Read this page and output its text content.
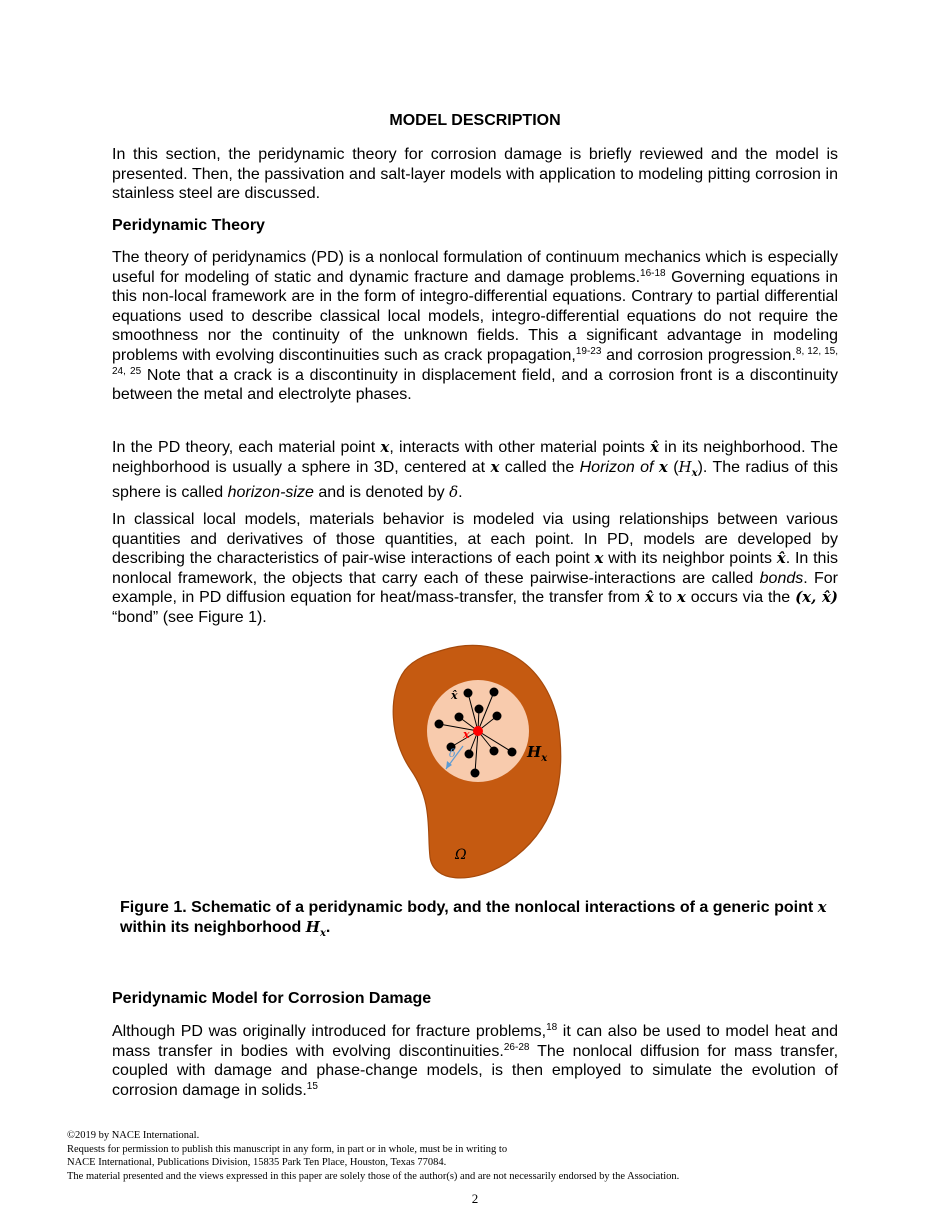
MODEL DESCRIPTION

In this section, the peridynamic theory for corrosion damage is briefly reviewed and the model is presented. Then, the passivation and salt-layer models with application to modeling pitting corrosion in stainless steel are discussed.

Peridynamic Theory

The theory of peridynamics (PD) is a nonlocal formulation of continuum mechanics which is especially useful for modeling of static and dynamic fracture and damage problems.$^{16-18}$ Governing equations in this non-local framework are in the form of integro-differential equations. Contrary to partial differential equations used to describe classical local models, integro-differential equations do not require the smoothness nor the continuity of the unknown fields. This a significant advantage in modeling problems with evolving discontinuities such as crack propagation,$^{19-23}$ and corrosion progression.$^{8, 12, 15, 24, 25}$ Note that a crack is a discontinuity in displacement field, and a corrosion front is a discontinuity between the metal and electrolyte phases.

In the PD theory, each material point x, interacts with other material points x̂ in its neighborhood. The neighborhood is usually a sphere in 3D, centered at x called the Horizon of x $(H_x)$. The radius of this sphere is called horizon-size and is denoted by δ.

In classical local models, materials behavior is modeled via using relationships between various quantities and derivatives of those quantities, at each point. In PD, models are developed by describing the characteristics of pair-wise interactions of each point x with its neighbor points x̂. In this nonlocal framework, the objects that carry each of these pairwise-interactions are called bonds. For example, in PD diffusion equation for heat/mass-transfer, the transfer from x̂ to x occurs via the (x, x̂) “bond” (see Figure 1).

x̂
x
δ	$H_x$
Ω

Figure 1. Schematic of a peridynamic body, and the nonlocal interactions of a generic point x within its neighborhood $H_x$.

Peridynamic Model for Corrosion Damage

Although PD was originally introduced for fracture problems,$^{18}$ it can also be used to model heat and mass transfer in bodies with evolving discontinuities.$^{26-28}$ The nonlocal diffusion for mass transfer, coupled with damage and phase-change models, is then employed to simulate the evolution of corrosion damage in solids.$^{15}$

©2019 by NACE International.
Requests for permission to publish this manuscript in any form, in part or in whole, must be in writing to
NACE International, Publications Division, 15835 Park Ten Place, Houston, Texas 77084.
The material presented and the views expressed in this paper are solely those of the author(s) and are not necessarily endorsed by the Association.
2
